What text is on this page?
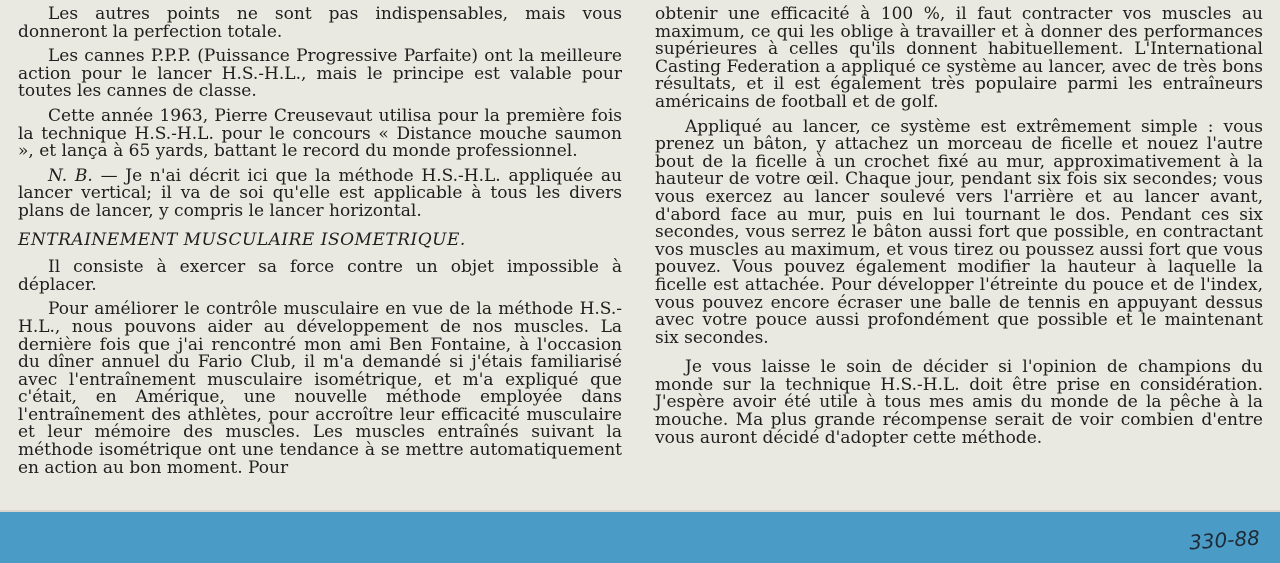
Les autres points ne sont pas indispensables, mais vous donneront la perfection totale.

Les cannes P.P.P. (Puissance Progressive Parfaite) ont la meilleure action pour le lancer H.S.-H.L., mais le principe est valable pour toutes les cannes de classe.

Cette année 1963, Pierre Creusevaut utilisa pour la première fois la technique H.S.-H.L. pour le concours « Distance mouche saumon », et lança à 65 yards, battant le record du monde professionnel.

N. B. — Je n'ai décrit ici que la méthode H.S.-H.L. appliquée au lancer vertical; il va de soi qu'elle est applicable à tous les divers plans de lancer, y compris le lancer horizontal.

ENTRAINEMENT MUSCULAIRE ISOMETRIQUE.

Il consiste à exercer sa force contre un objet impossible à déplacer.

Pour améliorer le contrôle musculaire en vue de la méthode H.S.-H.L., nous pouvons aider au développement de nos muscles. La dernière fois que j'ai rencontré mon ami Ben Fontaine, à l'occasion du dîner annuel du Fario Club, il m'a demandé si j'étais familiarisé avec l'entraînement musculaire isométrique, et m'a expliqué que c'était, en Amérique, une nouvelle méthode employée dans l'entraînement des athlètes, pour accroître leur efficacité musculaire et leur mémoire des muscles. Les muscles entraînés suivant la méthode isométrique ont une tendance à se mettre automatiquement en action au bon moment. Pour

obtenir une efficacité à 100 %, il faut contracter vos muscles au maximum, ce qui les oblige à travailler et à donner des performances supérieures à celles qu'ils donnent habituellement. L'International Casting Federation a appliqué ce système au lancer, avec de très bons résultats, et il est également très populaire parmi les entraîneurs américains de football et de golf.

Appliqué au lancer, ce système est extrêmement simple : vous prenez un bâton, y attachez un morceau de ficelle et nouez l'autre bout de la ficelle à un crochet fixé au mur, approximativement à la hauteur de votre œil. Chaque jour, pendant six fois six secondes; vous vous exercez au lancer soulevé vers l'arrière et au lancer avant, d'abord face au mur, puis en lui tournant le dos. Pendant ces six secondes, vous serrez le bâton aussi fort que possible, en contractant vos muscles au maximum, et vous tirez ou poussez aussi fort que vous pouvez. Vous pouvez également modifier la hauteur à laquelle la ficelle est attachée. Pour développer l'étreinte du pouce et de l'index, vous pouvez encore écraser une balle de tennis en appuyant dessus avec votre pouce aussi profondément que possible et le maintenant six secondes.

Je vous laisse le soin de décider si l'opinion de champions du monde sur la technique H.S.-H.L. doit être prise en considération. J'espère avoir été utile à tous mes amis du monde de la pêche à la mouche. Ma plus grande récompense serait de voir combien d'entre vous auront décidé d'adopter cette méthode.

330-88
